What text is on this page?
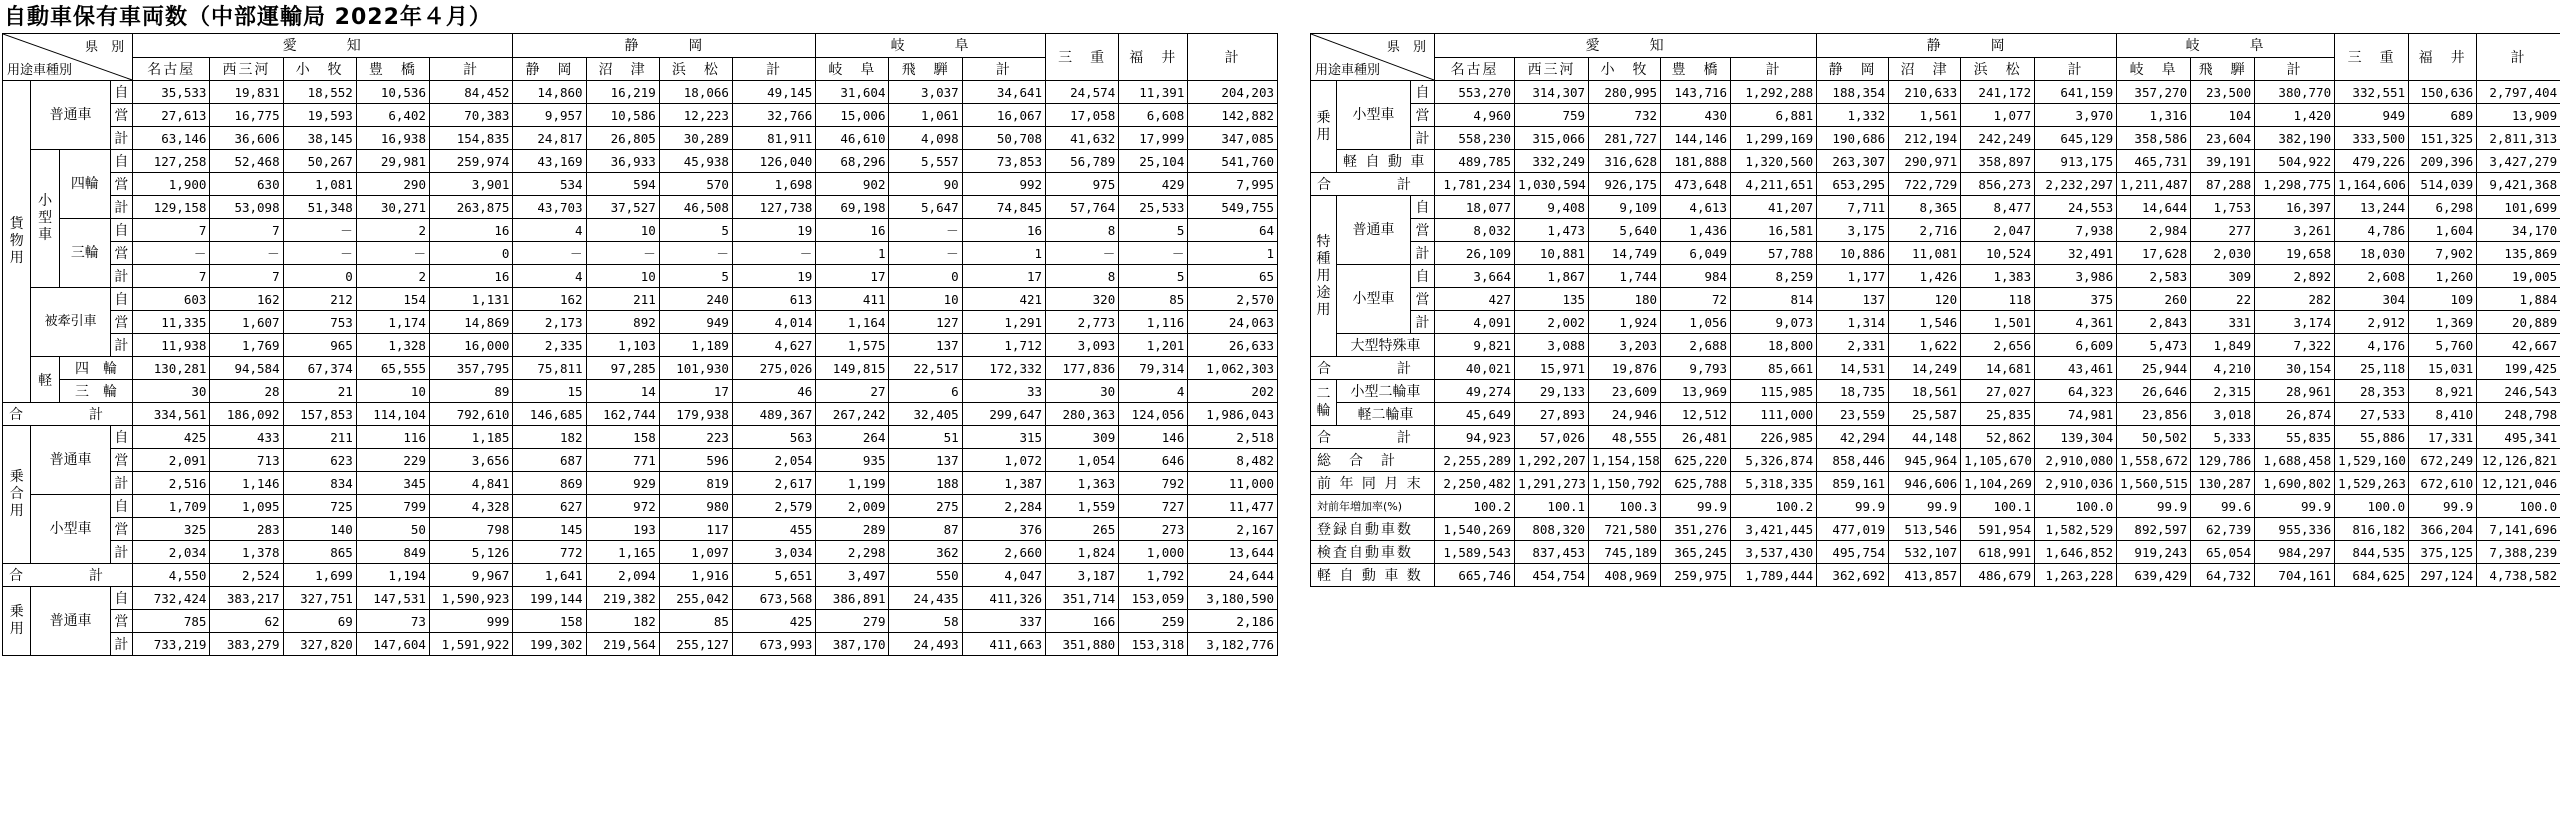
自動車保有車両数（中部運輸局 2022年４月）
県　別
用途車種別				愛　　　知					静　　　岡				岐　　　阜			三　重	福　井	計
				名古屋	西三河	小　牧	豊　橋	計	静　岡	沼　津	浜　松	計	岐　阜	飛　騨	計			
貨物用	普通車		自	35,533	19,831	18,552	10,536	84,452	14,860	16,219	18,066	49,145	31,604	3,037	34,641	24,574	11,391	204,203
			営	27,613	16,775	19,593	6,402	70,383	9,957	10,586	12,223	32,766	15,006	1,061	16,067	17,058	6,608	142,882
			計	63,146	36,606	38,145	16,938	154,835	24,817	26,805	30,289	81,911	46,610	4,098	50,708	41,632	17,999	347,085
	小型車	四輪	自	127,258	52,468	50,267	29,981	259,974	43,169	36,933	45,938	126,040	68,296	5,557	73,853	56,789	25,104	541,760
			営	1,900	630	1,081	290	3,901	534	594	570	1,698	902	90	992	975	429	7,995
			計	129,158	53,098	51,348	30,271	263,875	43,703	37,527	46,508	127,738	69,198	5,647	74,845	57,764	25,533	549,755
		三輪	自	7	7	－	2	16	4	10	5	19	16	－	16	8	5	64
			営	－	－	－	－	0	－	－	－	－	1	－	1	－	－	1
			計	7	7	0	2	16	4	10	5	19	17	0	17	8	5	65
	被牽引車		自	603	162	212	154	1,131	162	211	240	613	411	10	421	320	85	2,570
			営	11,335	1,607	753	1,174	14,869	2,173	892	949	4,014	1,164	127	1,291	2,773	1,116	24,063
			計	11,938	1,769	965	1,328	16,000	2,335	1,103	1,189	4,627	1,575	137	1,712	3,093	1,201	26,633
	軽	四　輪		130,281	94,584	67,374	65,555	357,795	75,811	97,285	101,930	275,026	149,815	22,517	172,332	177,836	79,314	1,062,303
		三　輪		30	28	21	10	89	15	14	17	46	27	6	33	30	4	202
合　　　　計				334,561	186,092	157,853	114,104	792,610	146,685	162,744	179,938	489,367	267,242	32,405	299,647	280,363	124,056	1,986,043
乗合用	普通車		自	425	433	211	116	1,185	182	158	223	563	264	51	315	309	146	2,518
			営	2,091	713	623	229	3,656	687	771	596	2,054	935	137	1,072	1,054	646	8,482
			計	2,516	1,146	834	345	4,841	869	929	819	2,617	1,199	188	1,387	1,363	792	11,000
	小型車		自	1,709	1,095	725	799	4,328	627	972	980	2,579	2,009	275	2,284	1,559	727	11,477
			営	325	283	140	50	798	145	193	117	455	289	87	376	265	273	2,167
			計	2,034	1,378	865	849	5,126	772	1,165	1,097	3,034	2,298	362	2,660	1,824	1,000	13,644
合　　　　計				4,550	2,524	1,699	1,194	9,967	1,641	2,094	1,916	5,651	3,497	550	4,047	3,187	1,792	24,644
乗用	普通車		自	732,424	383,217	327,751	147,531	1,590,923	199,144	219,382	255,042	673,568	386,891	24,435	411,326	351,714	153,059	3,180,590
			営	785	62	69	73	999	158	182	85	425	279	58	337	166	259	2,186
			計	733,219	383,279	327,820	147,604	1,591,922	199,302	219,564	255,127	673,993	387,170	24,493	411,663	351,880	153,318	3,182,776
県　別
用途車種別			愛　　　知					静　　　岡				岐　　　阜			三　重	福　井	計
			名古屋	西三河	小　牧	豊　橋	計	静　岡	沼　津	浜　松	計	岐　阜	飛　騨	計			
乗用	小型車	自	553,270	314,307	280,995	143,716	1,292,288	188,354	210,633	241,172	641,159	357,270	23,500	380,770	332,551	150,636	2,797,404
		営	4,960	759	732	430	6,881	1,332	1,561	1,077	3,970	1,316	104	1,420	949	689	13,909
		計	558,230	315,066	281,727	144,146	1,299,169	190,686	212,194	242,249	645,129	358,586	23,604	382,190	333,500	151,325	2,811,313
	軽 自 動 車		489,785	332,249	316,628	181,888	1,320,560	263,307	290,971	358,897	913,175	465,731	39,191	504,922	479,226	209,396	3,427,279
合　　　　計			1,781,234	1,030,594	926,175	473,648	4,211,651	653,295	722,729	856,273	2,232,297	1,211,487	87,288	1,298,775	1,164,606	514,039	9,421,368
特種用途用	普通車	自	18,077	9,408	9,109	4,613	41,207	7,711	8,365	8,477	24,553	14,644	1,753	16,397	13,244	6,298	101,699
		営	8,032	1,473	5,640	1,436	16,581	3,175	2,716	2,047	7,938	2,984	277	3,261	4,786	1,604	34,170
		計	26,109	10,881	14,749	6,049	57,788	10,886	11,081	10,524	32,491	17,628	2,030	19,658	18,030	7,902	135,869
	小型車	自	3,664	1,867	1,744	984	8,259	1,177	1,426	1,383	3,986	2,583	309	2,892	2,608	1,260	19,005
		営	427	135	180	72	814	137	120	118	375	260	22	282	304	109	1,884
		計	4,091	2,002	1,924	1,056	9,073	1,314	1,546	1,501	4,361	2,843	331	3,174	2,912	1,369	20,889
	大型特殊車		9,821	3,088	3,203	2,688	18,800	2,331	1,622	2,656	6,609	5,473	1,849	7,322	4,176	5,760	42,667
合　　　　計			40,021	15,971	19,876	9,793	85,661	14,531	14,249	14,681	43,461	25,944	4,210	30,154	25,118	15,031	199,425
二輪	小型二輪車		49,274	29,133	23,609	13,969	115,985	18,735	18,561	27,027	64,323	26,646	2,315	28,961	28,353	8,921	246,543
	軽二輪車		45,649	27,893	24,946	12,512	111,000	23,559	25,587	25,835	74,981	23,856	3,018	26,874	27,533	8,410	248,798
合　　　　計			94,923	57,026	48,555	26,481	226,985	42,294	44,148	52,862	139,304	50,502	5,333	55,835	55,886	17,331	495,341
総　合　計			2,255,289	1,292,207	1,154,158	625,220	5,326,874	858,446	945,964	1,105,670	2,910,080	1,558,672	129,786	1,688,458	1,529,160	672,249	12,126,821
前 年 同 月 末			2,250,482	1,291,273	1,150,792	625,788	5,318,335	859,161	946,606	1,104,269	2,910,036	1,560,515	130,287	1,690,802	1,529,263	672,610	12,121,046
対前年増加率(%)			100.2	100.1	100.3	99.9	100.2	99.9	99.9	100.1	100.0	99.9	99.6	99.9	100.0	99.9	100.0
登録自動車数			1,540,269	808,320	721,580	351,276	3,421,445	477,019	513,546	591,954	1,582,529	892,597	62,739	955,336	816,182	366,204	7,141,696
検査自動車数			1,589,543	837,453	745,189	365,245	3,537,430	495,754	532,107	618,991	1,646,852	919,243	65,054	984,297	844,535	375,125	7,388,239
軽 自 動 車 数			665,746	454,754	408,969	259,975	1,789,444	362,692	413,857	486,679	1,263,228	639,429	64,732	704,161	684,625	297,124	4,738,582
